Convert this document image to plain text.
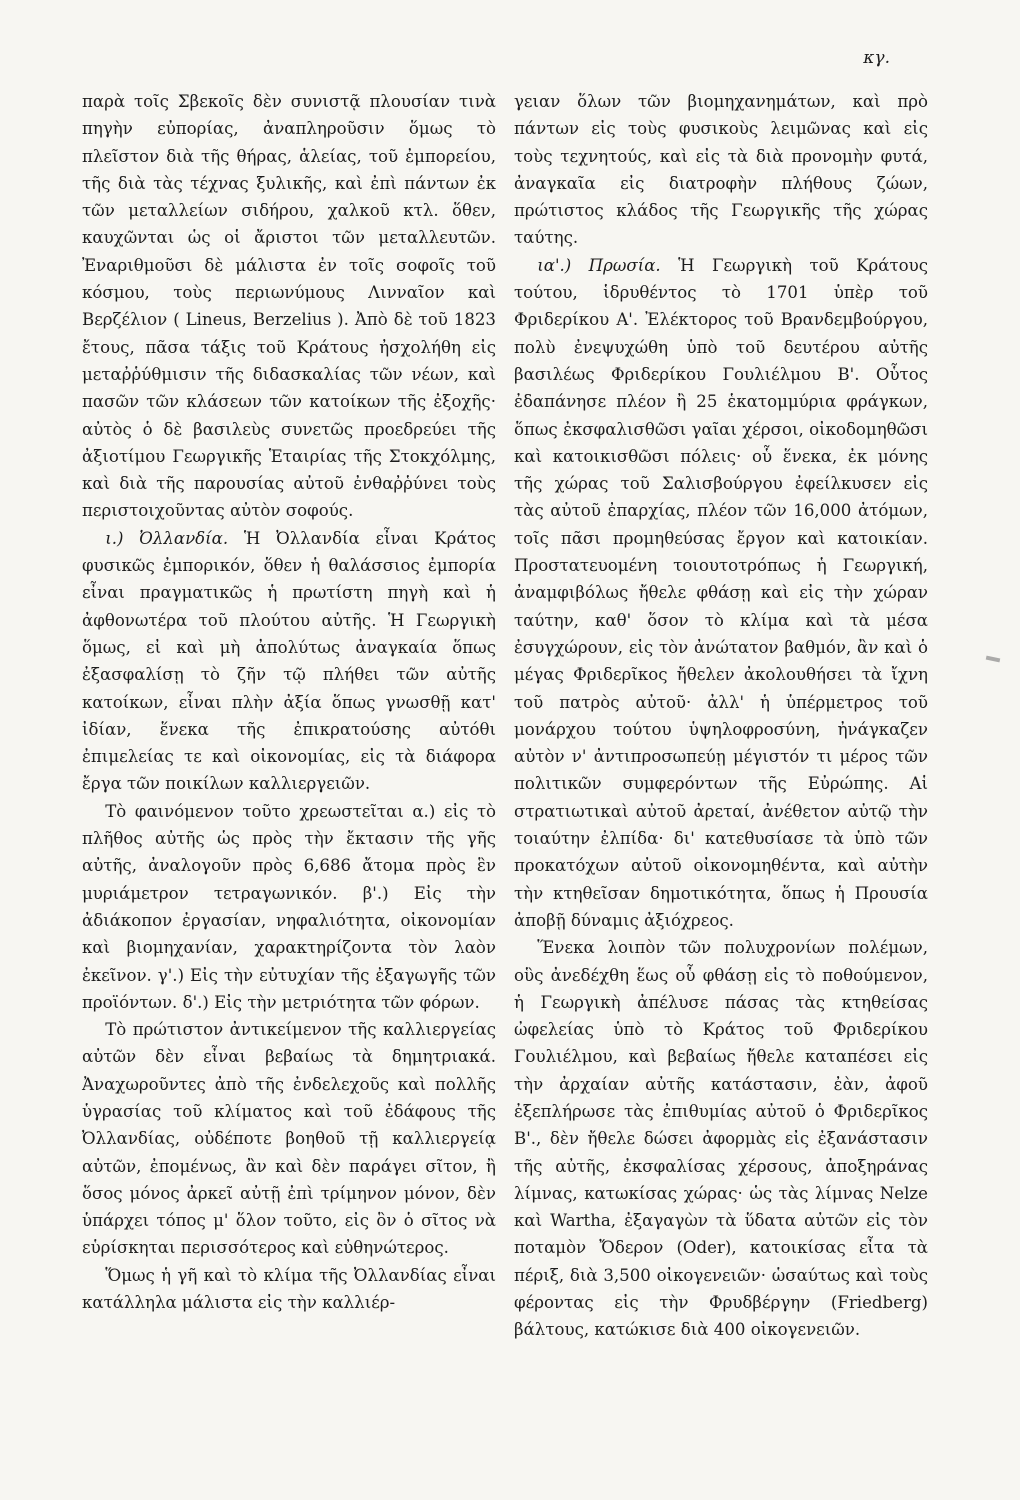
κγ.

παρὰ τοῖς Σβεκοῖς δὲν συνιστᾷ πλουσίαν τινὰ πηγὴν εὐπορίας, ἀναπληροῦσιν ὅμως τὸ πλεῖστον διὰ τῆς θήρας, ἁλείας, τοῦ ἐμπορείου, τῆς διὰ τὰς τέχνας ξυλικῆς, καὶ ἐπὶ πάντων ἐκ τῶν μεταλλείων σιδήρου, χαλκοῦ κτλ. ὅθεν, καυχῶνται ὡς οἱ ἄριστοι τῶν μεταλλευτῶν. Ἐναριθμοῦσι δὲ μάλιστα ἐν τοῖς σοφοῖς τοῦ κόσμου, τοὺς περιωνύμους Λινναῖον καὶ Βερζέλιον ( Lineus, Berzelius ). Ἀπὸ δὲ τοῦ 1823 ἔτους, πᾶσα τάξις τοῦ Κράτους ἠσχολήθη εἰς μεταῤῥύθμισιν τῆς διδασκαλίας τῶν νέων, καὶ πασῶν τῶν κλάσεων τῶν κατοίκων τῆς ἐξοχῆς· αὐτὸς ὁ δὲ βασιλεὺς συνετῶς προεδρεύει τῆς ἀξιοτίμου Γεωργικῆς Ἑταιρίας τῆς Στοκχόλμης, καὶ διὰ τῆς παρουσίας αὐτοῦ ἐνθαῤῥύνει τοὺς περιστοιχοῦντας αὐτὸν σοφούς.

ι.) Ὀλλανδία. Ἡ Ὀλλανδία εἶναι Κράτος φυσικῶς ἐμπορικόν, ὅθεν ἡ θαλάσσιος ἐμπορία εἶναι πραγματικῶς ἡ πρωτίστη πηγὴ καὶ ἡ ἀφθονωτέρα τοῦ πλούτου αὐτῆς. Ἡ Γεωργικὴ ὅμως, εἰ καὶ μὴ ἀπολύτως ἀναγκαία ὅπως ἐξασφαλίσῃ τὸ ζῆν τῷ πλήθει τῶν αὐτῆς κατοίκων, εἶναι πλὴν ἀξία ὅπως γνωσθῇ κατ' ἰδίαν, ἕνεκα τῆς ἐπικρατούσης αὐτόθι ἐπιμελείας τε καὶ οἰκονομίας, εἰς τὰ διάφορα ἔργα τῶν ποικίλων καλλιεργειῶν.

Τὸ φαινόμενον τοῦτο χρεωστεῖται α.) εἰς τὸ πλῆθος αὐτῆς ὡς πρὸς τὴν ἔκτασιν τῆς γῆς αὐτῆς, ἀναλογοῦν πρὸς 6,686 ἄτομα πρὸς ἓν μυριάμετρον τετραγωνικόν. β'.) Εἰς τὴν ἀδιάκοπον ἐργασίαν, νηφαλιότητα, οἰκονομίαν καὶ βιομηχανίαν, χαρακτηρίζοντα τὸν λαὸν ἐκεῖνον. γ'.) Εἰς τὴν εὐτυχίαν τῆς ἐξαγωγῆς τῶν προϊόντων. δ'.) Εἰς τὴν μετριότητα τῶν φόρων.

Τὸ πρώτιστον ἀντικείμενον τῆς καλλιεργείας αὐτῶν δὲν εἶναι βεβαίως τὰ δημητριακά. Ἀναχωροῦντες ἀπὸ τῆς ἐνδελεχοῦς καὶ πολλῆς ὑγρασίας τοῦ κλίματος καὶ τοῦ ἐδάφους τῆς Ὀλλανδίας, οὐδέποτε βοηθοῦ τῇ καλλιεργείᾳ αὐτῶν, ἐπομένως, ἂν καὶ δὲν παράγει σῖτον, ἢ ὅσος μόνος ἀρκεῖ αὐτῇ ἐπὶ τρίμηνον μόνον, δὲν ὑπάρχει τόπος μ' ὅλον τοῦτο, εἰς ὃν ὁ σῖτος νὰ εὑρίσκηται περισσότερος καὶ εὐθηνώτερος.

Ὅμως ἡ γῆ καὶ τὸ κλίμα τῆς Ὀλλανδίας εἶναι κατάλληλα μάλιστα εἰς τὴν καλλιέρ-

γειαν ὅλων τῶν βιομηχανημάτων, καὶ πρὸ πάντων εἰς τοὺς φυσικοὺς λειμῶνας καὶ εἰς τοὺς τεχνητούς, καὶ εἰς τὰ διὰ προνομὴν φυτά, ἀναγκαῖα εἰς διατροφὴν πλήθους ζώων, πρώτιστος κλάδος τῆς Γεωργικῆς τῆς χώρας ταύτης.

ια'.) Πρωσία. Ἡ Γεωργικὴ τοῦ Κράτους τούτου, ἱδρυθέντος τὸ 1701 ὑπὲρ τοῦ Φριδερίκου Α'. Ἐλέκτορος τοῦ Βρανδεμβούργου, πολὺ ἐνεψυχώθη ὑπὸ τοῦ δευτέρου αὐτῆς βασιλέως Φριδερίκου Γουλιέλμου Β'. Οὗτος ἐδαπάνησε πλέον ἢ 25 ἑκατομμύρια φράγκων, ὅπως ἐκσφαλισθῶσι γαῖαι χέρσοι, οἰκοδομηθῶσι καὶ κατοικισθῶσι πόλεις· οὗ ἕνεκα, ἐκ μόνης τῆς χώρας τοῦ Σαλισβούργου ἐφείλκυσεν εἰς τὰς αὐτοῦ ἐπαρχίας, πλέον τῶν 16,000 ἀτόμων, τοῖς πᾶσι προμηθεύσας ἔργον καὶ κατοικίαν. Προστατευομένη τοιουτοτρόπως ἡ Γεωργική, ἀναμφιβόλως ἤθελε φθάσῃ καὶ εἰς τὴν χώραν ταύτην, καθ' ὅσον τὸ κλίμα καὶ τὰ μέσα ἐσυγχώρουν, εἰς τὸν ἀνώτατον βαθμόν, ἂν καὶ ὁ μέγας Φριδερῖκος ἤθελεν ἀκολουθήσει τὰ ἴχνη τοῦ πατρὸς αὐτοῦ· ἀλλ' ἡ ὑπέρμετρος τοῦ μονάρχου τούτου ὑψηλοφροσύνη, ἠνάγκαζεν αὐτὸν ν' ἀντιπροσωπεύῃ μέγιστόν τι μέρος τῶν πολιτικῶν συμφερόντων τῆς Εὐρώπης. Αἱ στρατιωτικαὶ αὐτοῦ ἀρεταί, ἀνέθετον αὐτῷ τὴν τοιαύτην ἐλπίδα· δι' κατεθυσίασε τὰ ὑπὸ τῶν προκατόχων αὐτοῦ οἰκονομηθέντα, καὶ αὐτὴν τὴν κτηθεῖσαν δημοτικότητα, ὅπως ἡ Προυσία ἀποβῇ δύναμις ἀξιόχρεος.

Ἕνεκα λοιπὸν τῶν πολυχρονίων πολέμων, οὓς ἀνεδέχθη ἕως οὗ φθάσῃ εἰς τὸ ποθούμενον, ἡ Γεωργικὴ ἀπέλυσε πάσας τὰς κτηθείσας ὠφελείας ὑπὸ τὸ Κράτος τοῦ Φριδερίκου Γουλιέλμου, καὶ βεβαίως ἤθελε καταπέσει εἰς τὴν ἀρχαίαν αὐτῆς κατάστασιν, ἐὰν, ἀφοῦ ἐξεπλήρωσε τὰς ἐπιθυμίας αὐτοῦ ὁ Φριδερῖκος Β'., δὲν ἤθελε δώσει ἀφορμὰς εἰς ἐξανάστασιν τῆς αὐτῆς, ἐκσφαλίσας χέρσους, ἀποξηράνας λίμνας, κατωκίσας χώρας· ὡς τὰς λίμνας Nelze καὶ Wartha, ἐξαγαγὼν τὰ ὕδατα αὐτῶν εἰς τὸν ποταμὸν Ὄδερον (Oder), κατοικίσας εἶτα τὰ πέριξ, διὰ 3,500 οἰκογενειῶν· ὡσαύτως καὶ τοὺς φέροντας εἰς τὴν Φρυδβέργην (Friedberg) βάλτους, κατώκισε διὰ 400 οἰκογενειῶν.
